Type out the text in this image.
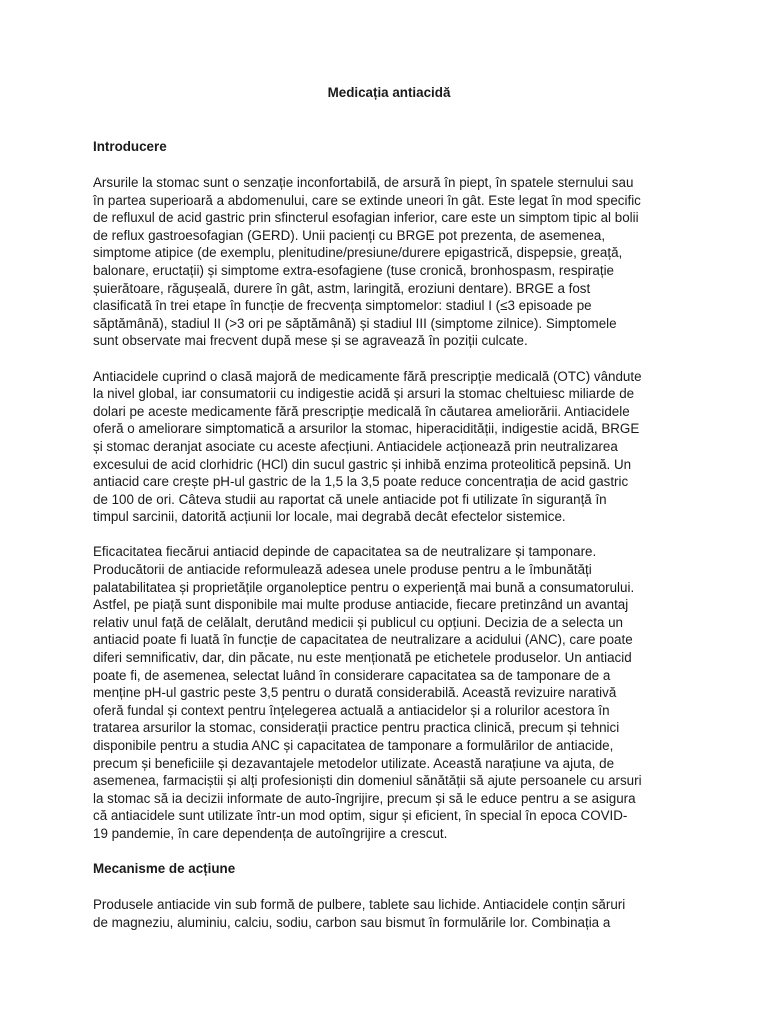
Medicația antiacidă
Introducere
Arsurile la stomac sunt o senzație inconfortabilă, de arsură în piept, în spatele sternului sau
în partea superioară a abdomenului, care se extinde uneori în gât. Este legat în mod specific
de refluxul de acid gastric prin sfincterul esofagian inferior, care este un simptom tipic al bolii
de reflux gastroesofagian (GERD). Unii pacienți cu BRGE pot prezenta, de asemenea,
simptome atipice (de exemplu, plenitudine/presiune/durere epigastrică, dispepsie, greață,
balonare, eructații) și simptome extra-esofagiene (tuse cronică, bronhospasm, respirație
șuierătoare, răgușeală, durere în gât, astm, laringită, eroziuni dentare). BRGE a fost
clasificată în trei etape în funcție de frecvența simptomelor: stadiul I (≤3 episoade pe
săptămână), stadiul II (>3 ori pe săptămână) și stadiul III (simptome zilnice). Simptomele
sunt observate mai frecvent după mese și se agravează în poziții culcate.
Antiacidele cuprind o clasă majoră de medicamente fără prescripție medicală (OTC) vândute
la nivel global, iar consumatorii cu indigestie acidă și arsuri la stomac cheltuiesc miliarde de
dolari pe aceste medicamente fără prescripție medicală în căutarea ameliorării. Antiacidele
oferă o ameliorare simptomatică a arsurilor la stomac, hiperacidității, indigestie acidă, BRGE
și stomac deranjat asociate cu aceste afecțiuni. Antiacidele acționează prin neutralizarea
excesului de acid clorhidric (HCl) din sucul gastric și inhibă enzima proteolitică pepsină. Un
antiacid care crește pH-ul gastric de la 1,5 la 3,5 poate reduce concentrația de acid gastric
de 100 de ori. Câteva studii au raportat că unele antiacide pot fi utilizate în siguranță în
timpul sarcinii, datorită acțiunii lor locale, mai degrabă decât efectelor sistemice.
Eficacitatea fiecărui antiacid depinde de capacitatea sa de neutralizare și tamponare.
Producătorii de antiacide reformulează adesea unele produse pentru a le îmbunătăți
palatabilitatea și proprietățile organoleptice pentru o experiență mai bună a consumatorului.
Astfel, pe piață sunt disponibile mai multe produse antiacide, fiecare pretinzând un avantaj
relativ unul față de celălalt, derutând medicii și publicul cu opțiuni. Decizia de a selecta un
antiacid poate fi luată în funcție de capacitatea de neutralizare a acidului (ANC), care poate
diferi semnificativ, dar, din păcate, nu este menționată pe etichetele produselor. Un antiacid
poate fi, de asemenea, selectat luând în considerare capacitatea sa de tamponare de a
menține pH-ul gastric peste 3,5 pentru o durată considerabilă. Această revizuire narativă
oferă fundal și context pentru înțelegerea actuală a antiacidelor și a rolurilor acestora în
tratarea arsurilor la stomac, considerații practice pentru practica clinică, precum și tehnici
disponibile pentru a studia ANC și capacitatea de tamponare a formulărilor de antiacide,
precum și beneficiile și dezavantajele metodelor utilizate. Această narațiune va ajuta, de
asemenea, farmaciștii și alți profesioniști din domeniul sănătății să ajute persoanele cu arsuri
la stomac să ia decizii informate de auto-îngrijire, precum și să le educe pentru a se asigura
că antiacidele sunt utilizate într-un mod optim, sigur și eficient, în special în epoca COVID-
19 pandemie, în care dependența de autoîngrijire a crescut.
Mecanisme de acțiune
Produsele antiacide vin sub formă de pulbere, tablete sau lichide. Antiacidele conțin săruri
de magneziu, aluminiu, calciu, sodiu, carbon sau bismut în formulările lor. Combinația a
